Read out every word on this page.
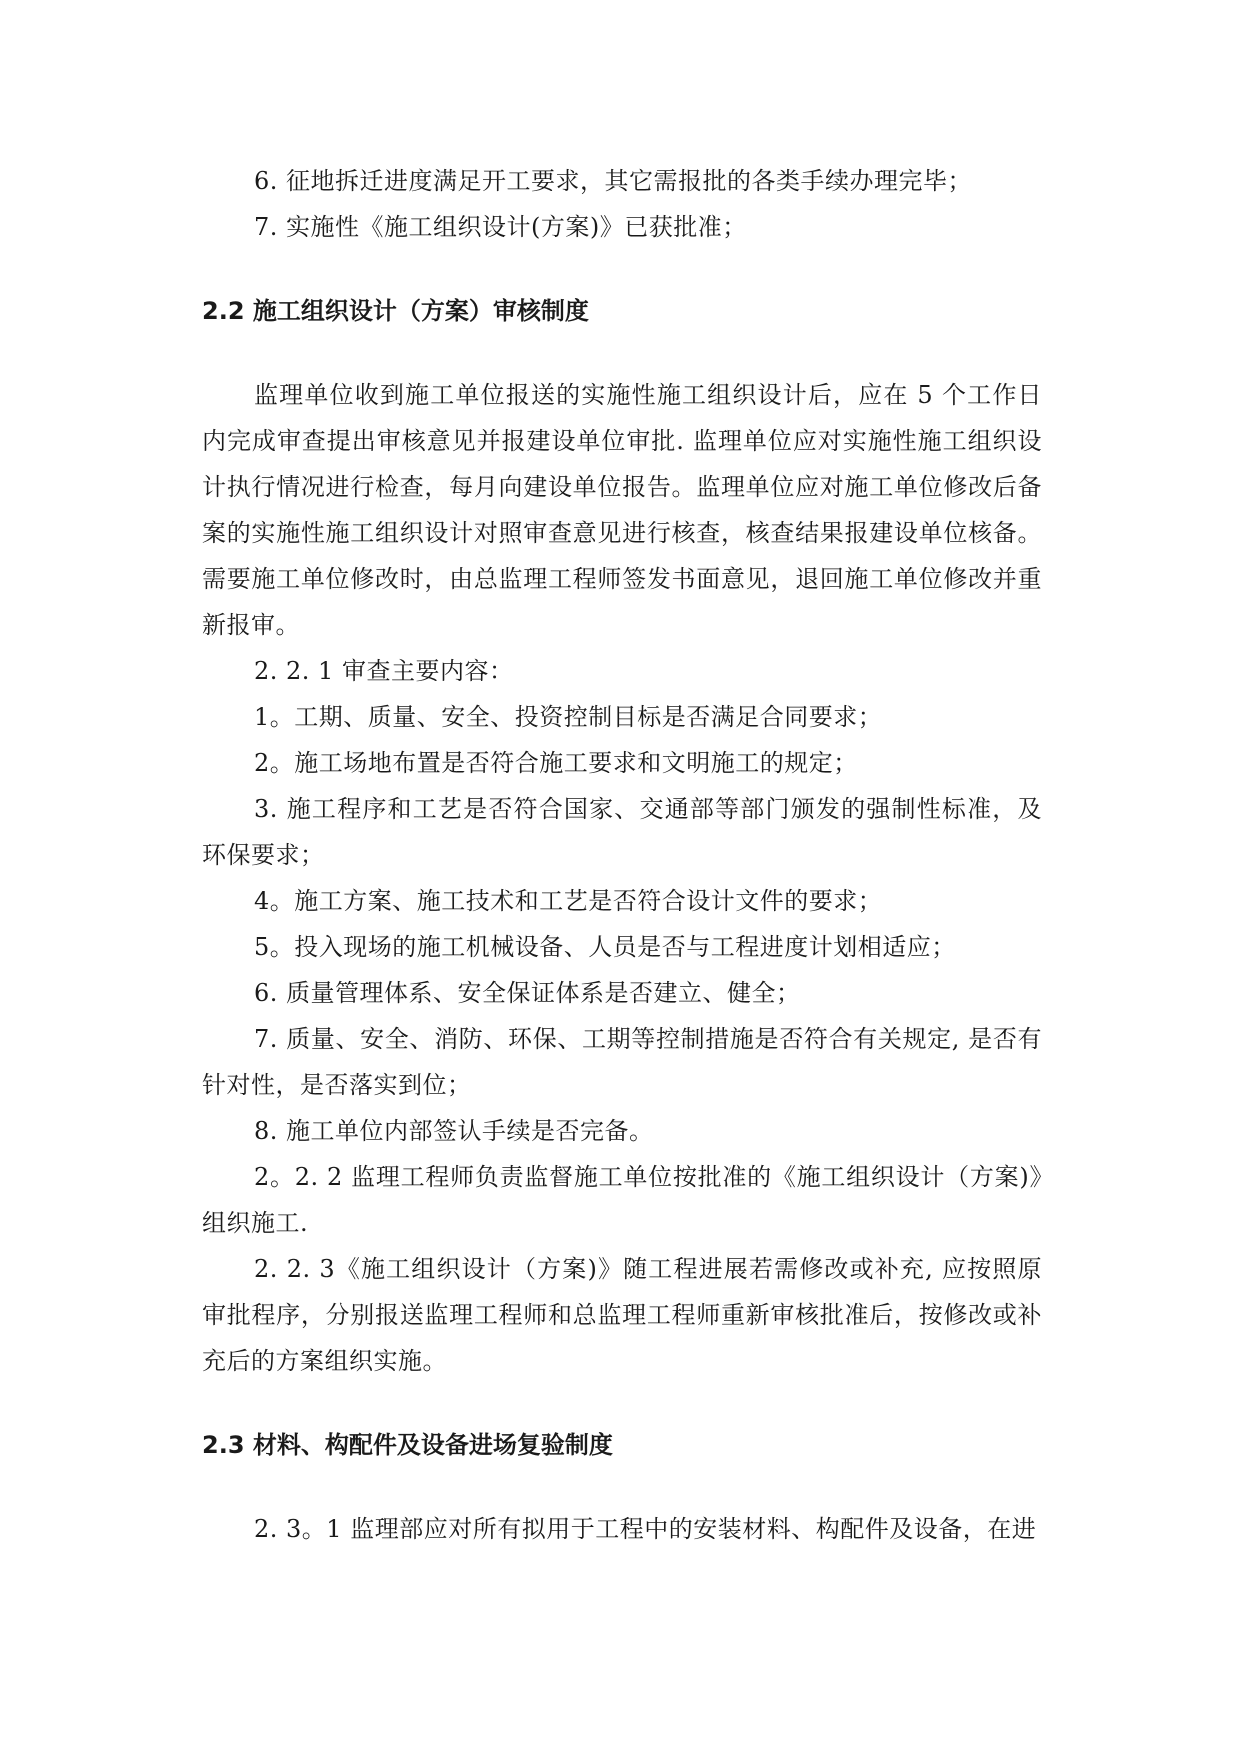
6. 征地拆迁进度满足开工要求，其它需报批的各类手续办理完毕；

7. 实施性《施工组织设计(方案)》已获批准；

2.2 施工组织设计（方案）审核制度

监理单位收到施工单位报送的实施性施工组织设计后，应在 5 个工作日内完成审查提出审核意见并报建设单位审批. 监理单位应对实施性施工组织设计执行情况进行检查，每月向建设单位报告。监理单位应对施工单位修改后备案的实施性施工组织设计对照审查意见进行核查，核查结果报建设单位核备。需要施工单位修改时，由总监理工程师签发书面意见，退回施工单位修改并重新报审。

2. 2. 1 审查主要内容：

1。工期、质量、安全、投资控制目标是否满足合同要求；

2。施工场地布置是否符合施工要求和文明施工的规定；

3. 施工程序和工艺是否符合国家、交通部等部门颁发的强制性标准，及环保要求；

4。施工方案、施工技术和工艺是否符合设计文件的要求；

5。投入现场的施工机械设备、人员是否与工程进度计划相适应；

6. 质量管理体系、安全保证体系是否建立、健全；

7. 质量、安全、消防、环保、工期等控制措施是否符合有关规定, 是否有针对性，是否落实到位；

8. 施工单位内部签认手续是否完备。

2。2. 2 监理工程师负责监督施工单位按批准的《施工组织设计（方案)》组织施工.

2. 2. 3《施工组织设计（方案)》随工程进展若需修改或补充, 应按照原审批程序，分别报送监理工程师和总监理工程师重新审核批准后，按修改或补充后的方案组织实施。

2.3 材料、构配件及设备进场复验制度

2. 3。1 监理部应对所有拟用于工程中的安装材料、构配件及设备，在进
